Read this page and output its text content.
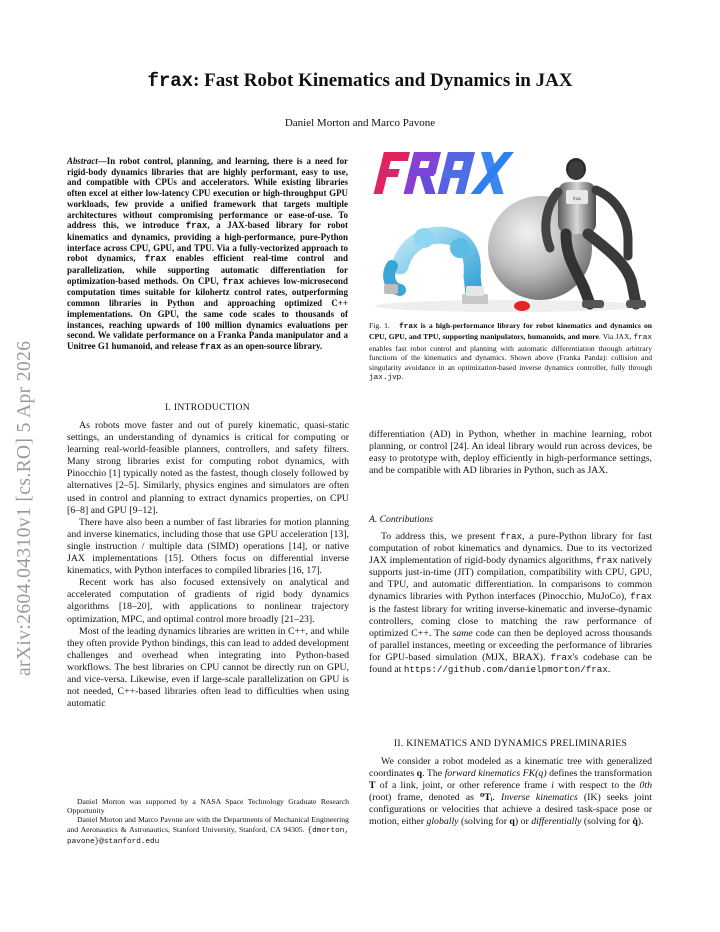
arXiv:2604.04310v1 [cs.RO] 5 Apr 2026
frax: Fast Robot Kinematics and Dynamics in JAX
Daniel Morton and Marco Pavone
Abstract—In robot control, planning, and learning, there is a need for rigid-body dynamics libraries that are highly performant, easy to use, and compatible with CPUs and accelerators. While existing libraries often excel at either low-latency CPU execution or high-throughput GPU workloads, few provide a unified framework that targets multiple architectures without compromising performance or ease-of-use. To address this, we introduce frax, a JAX-based library for robot kinematics and dynamics, providing a high-performance, pure-Python interface across CPU, GPU, and TPU. Via a fully-vectorized approach to robot dynamics, frax enables efficient real-time control and parallelization, while supporting automatic differentiation for optimization-based methods. On CPU, frax achieves low-microsecond computation times suitable for kilohertz control rates, outperforming common libraries in Python and approaching optimized C++ implementations. On GPU, the same code scales to thousands of instances, reaching upwards of 100 million dynamics evaluations per second. We validate performance on a Franka Panda manipulator and a Unitree G1 humanoid, and release frax as an open-source library.
I. INTRODUCTION

As robots move faster and out of purely kinematic, quasi-static settings, an understanding of dynamics is critical for computing or learning real-world-feasible planners, controllers, and safety filters. Many strong libraries exist for computing robot dynamics, with Pinocchio [1] typically noted as the fastest, though closely followed by alternatives [2–5]. Similarly, physics engines and simulators are often used in control and planning to extract dynamics properties, on CPU [6–8] and GPU [9–12].

There have also been a number of fast libraries for motion planning and inverse kinematics, including those that use GPU acceleration [13], single instruction / multiple data (SIMD) operations [14], or native JAX implementations [15]. Others focus on differential inverse kinematics, with Python interfaces to compiled libraries [16, 17].

Recent work has also focused extensively on analytical and accelerated computation of gradients of rigid body dynamics algorithms [18–20], with applications to nonlinear trajectory optimization, MPC, and optimal control more broadly [21–23].

Most of the leading dynamics libraries are written in C++, and while they often provide Python bindings, this can lead to added development challenges and overhead when integrating into Python-based workflows. The best libraries on CPU cannot be directly run on GPU, and vice-versa. Likewise, even if large-scale parallelization on GPU is not needed, C++-based libraries often lead to difficulties when using automatic

Daniel Morton was supported by a NASA Space Technology Graduate Research Opportunity

Daniel Morton and Marco Pavone are with the Departments of Mechanical Engineering and Aeronautics & Astronautics, Stanford University, Stanford, CA 94305. {dmorton, pavone}@stanford.edu

frax
Fig. 1. frax is a high-performance library for robot kinematics and dynamics on CPU, GPU, and TPU, supporting manipulators, humanoids, and more. Via JAX, frax enables fast robot control and planning with automatic differentiation through arbitrary functions of the kinematics and dynamics. Shown above (Franka Panda): collision and singularity avoidance in an optimization-based inverse dynamics controller, fully through jax.jvp.

differentiation (AD) in Python, whether in machine learning, robot planning, or control [24]. An ideal library would run across devices, be easy to prototype with, deploy efficiently in high-performance settings, and be compatible with AD libraries in Python, such as JAX.

A. Contributions

To address this, we present frax, a pure-Python library for fast computation of robot kinematics and dynamics. Due to its vectorized JAX implementation of rigid-body dynamics algorithms, frax natively supports just-in-time (JIT) compilation, compatibility with CPU, GPU, and TPU, and automatic differentiation. In comparisons to common dynamics libraries with Python interfaces (Pinocchio, MuJoCo), frax is the fastest library for writing inverse-kinematic and inverse-dynamic controllers, coming close to matching the raw performance of optimized C++. The same code can then be deployed across thousands of parallel instances, meeting or exceeding the performance of libraries for GPU-based simulation (MJX, BRAX). frax's codebase can be found at https://github.com/danielpmorton/frax.

II. KINEMATICS AND DYNAMICS PRELIMINARIES

We consider a robot modeled as a kinematic tree with generalized coordinates q. The forward kinematics FK(q) defines the transformation T of a link, joint, or other reference frame i with respect to the 0th (root) frame, denoted as ⁰Tᵢ. Inverse kinematics (IK) seeks joint configurations or velocities that achieve a desired task-space pose or motion, either globally (solving for q) or differentially (solving for q̇).
